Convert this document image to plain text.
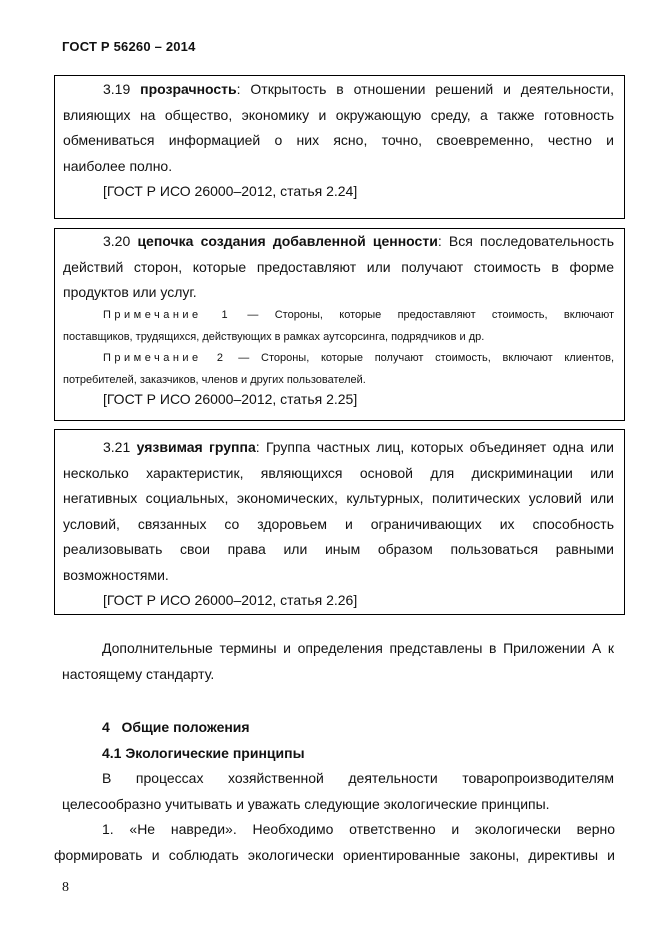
ГОСТ Р 56260 – 2014
3.19 прозрачность: Открытость в отношении решений и деятельности,
влияющих на общество, экономику и окружающую среду, а также готовность
обмениваться информацией о них ясно, точно, своевременно, честно и
наиболее полно.
[ГОСТ Р ИСО 26000–2012, статья 2.24]
3.20 цепочка создания добавленной ценности: Вся последовательность
действий сторон, которые предоставляют или получают стоимость в форме
продуктов или услуг.
Примечание 1 — Стороны, которые предоставляют стоимость, включают
поставщиков, трудящихся, действующих в рамках аутсорсинга, подрядчиков и др.
Примечание 2 — Стороны, которые получают стоимость, включают клиентов,
потребителей, заказчиков, членов и других пользователей.
[ГОСТ Р ИСО 26000–2012, статья 2.25]
3.21 уязвимая группа: Группа частных лиц, которых объединяет одна или
несколько характеристик, являющихся основой для дискриминации или
негативных социальных, экономических, культурных, политических условий или
условий, связанных со здоровьем и ограничивающих их способность
реализовывать свои права или иным образом пользоваться равными
возможностями.
[ГОСТ Р ИСО 26000–2012, статья 2.26]
Дополнительные термины и определения представлены в Приложении А к
настоящему стандарту.
4   Общие положения
4.1 Экологические принципы
В процессах хозяйственной деятельности товаропроизводителям
целесообразно учитывать и уважать следующие экологические принципы.
1. «Не навреди». Необходимо ответственно и экологически верно
формировать и соблюдать экологически ориентированные законы, директивы и
8
